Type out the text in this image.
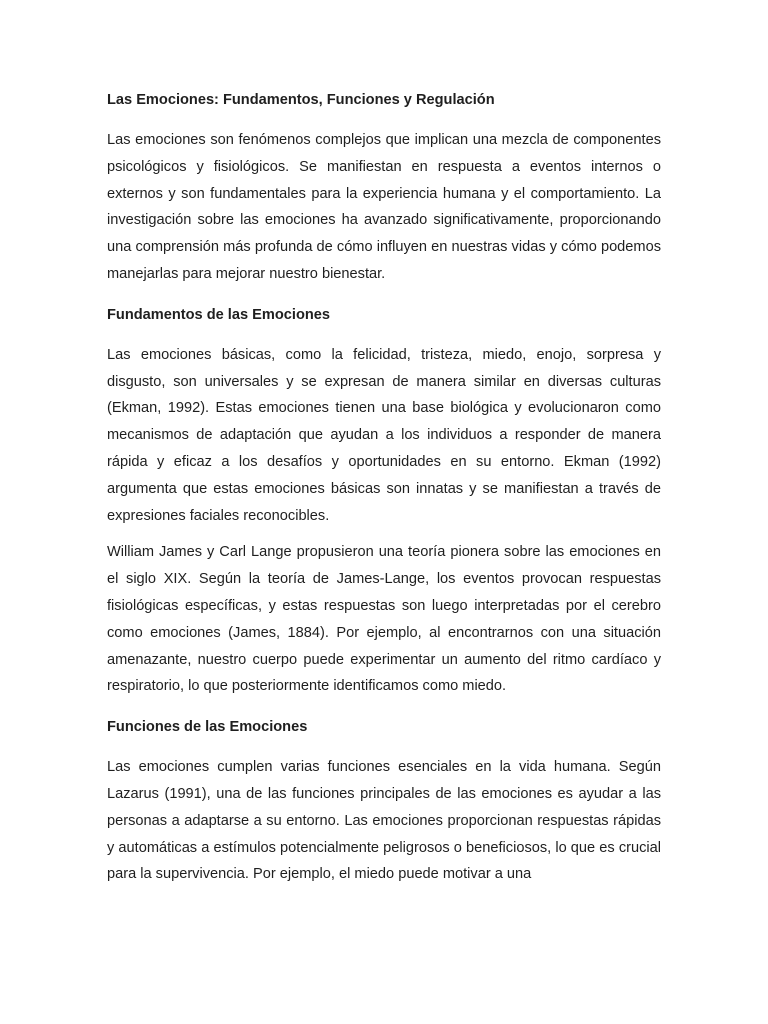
Las Emociones: Fundamentos, Funciones y Regulación

Las emociones son fenómenos complejos que implican una mezcla de componentes psicológicos y fisiológicos. Se manifiestan en respuesta a eventos internos o externos y son fundamentales para la experiencia humana y el comportamiento. La investigación sobre las emociones ha avanzado significativamente, proporcionando una comprensión más profunda de cómo influyen en nuestras vidas y cómo podemos manejarlas para mejorar nuestro bienestar.

Fundamentos de las Emociones

Las emociones básicas, como la felicidad, tristeza, miedo, enojo, sorpresa y disgusto, son universales y se expresan de manera similar en diversas culturas (Ekman, 1992). Estas emociones tienen una base biológica y evolucionaron como mecanismos de adaptación que ayudan a los individuos a responder de manera rápida y eficaz a los desafíos y oportunidades en su entorno. Ekman (1992) argumenta que estas emociones básicas son innatas y se manifiestan a través de expresiones faciales reconocibles.

William James y Carl Lange propusieron una teoría pionera sobre las emociones en el siglo XIX. Según la teoría de James-Lange, los eventos provocan respuestas fisiológicas específicas, y estas respuestas son luego interpretadas por el cerebro como emociones (James, 1884). Por ejemplo, al encontrarnos con una situación amenazante, nuestro cuerpo puede experimentar un aumento del ritmo cardíaco y respiratorio, lo que posteriormente identificamos como miedo.

Funciones de las Emociones

Las emociones cumplen varias funciones esenciales en la vida humana. Según Lazarus (1991), una de las funciones principales de las emociones es ayudar a las personas a adaptarse a su entorno. Las emociones proporcionan respuestas rápidas y automáticas a estímulos potencialmente peligrosos o beneficiosos, lo que es crucial para la supervivencia. Por ejemplo, el miedo puede motivar a una
